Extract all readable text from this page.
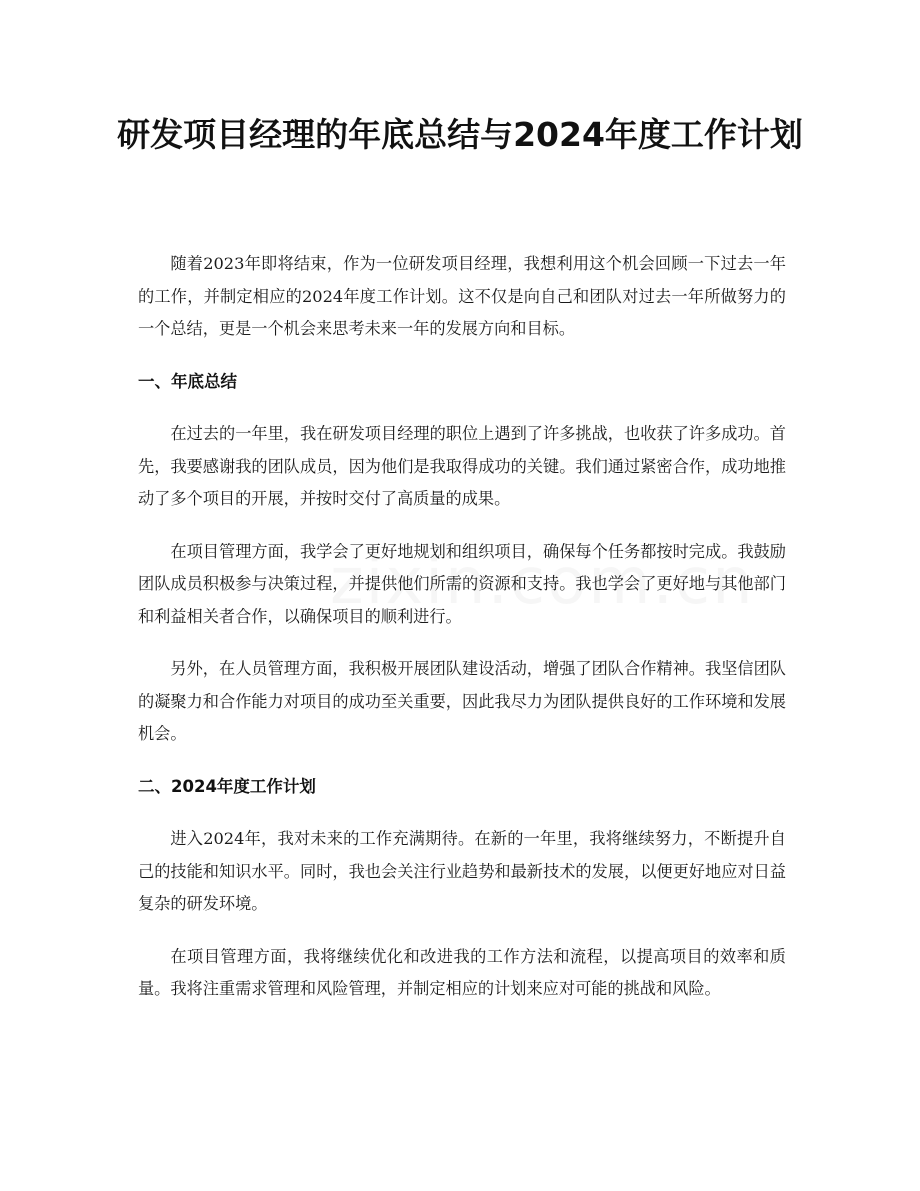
研发项目经理的年底总结与2024年度工作计划

随着2023年即将结束，作为一位研发项目经理，我想利用这个机会回顾一下过去一年的工作，并制定相应的2024年度工作计划。这不仅是向自己和团队对过去一年所做努力的一个总结，更是一个机会来思考未来一年的发展方向和目标。

一、年底总结

在过去的一年里，我在研发项目经理的职位上遇到了许多挑战，也收获了许多成功。首先，我要感谢我的团队成员，因为他们是我取得成功的关键。我们通过紧密合作，成功地推动了多个项目的开展，并按时交付了高质量的成果。

在项目管理方面，我学会了更好地规划和组织项目，确保每个任务都按时完成。我鼓励团队成员积极参与决策过程，并提供他们所需的资源和支持。我也学会了更好地与其他部门和利益相关者合作，以确保项目的顺利进行。

另外，在人员管理方面，我积极开展团队建设活动，增强了团队合作精神。我坚信团队的凝聚力和合作能力对项目的成功至关重要，因此我尽力为团队提供良好的工作环境和发展机会。

二、2024年度工作计划

进入2024年，我对未来的工作充满期待。在新的一年里，我将继续努力，不断提升自己的技能和知识水平。同时，我也会关注行业趋势和最新技术的发展，以便更好地应对日益复杂的研发环境。

在项目管理方面，我将继续优化和改进我的工作方法和流程，以提高项目的效率和质量。我将注重需求管理和风险管理，并制定相应的计划来应对可能的挑战和风险。
